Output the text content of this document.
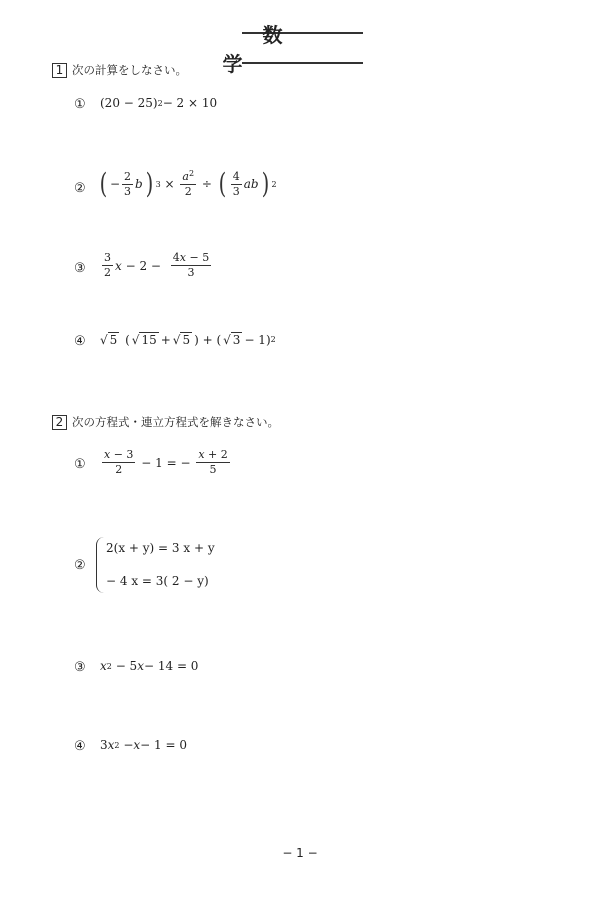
数　学
1 次の計算をしなさい。
① (20 − 25) 2 − 2 × 10
② ( − $\frac{2}{3}$ b ) $3 \times \frac{a^2}{2}$ ÷ ( $\frac{4}{3}$ ab ) 2
③ $\frac{3}{2}$ $x - 2 - \frac{4x - 5}{3}$
④ √ 5 ( √ 15 + √ 5 ) + ( √ 3 − 1) 2
2 次の方程式・連立方程式を解きなさい。
① $\frac{x - 3}{2} - 1$ = − $\frac{x + 2}{5}$
②
2(x + y) = 3 x + y
− 4 x = 3( 2 − y)
③ x 2 − 5 x − 14 = 0
④ 3 x 2 − x − 1 = 0
− 1 −
